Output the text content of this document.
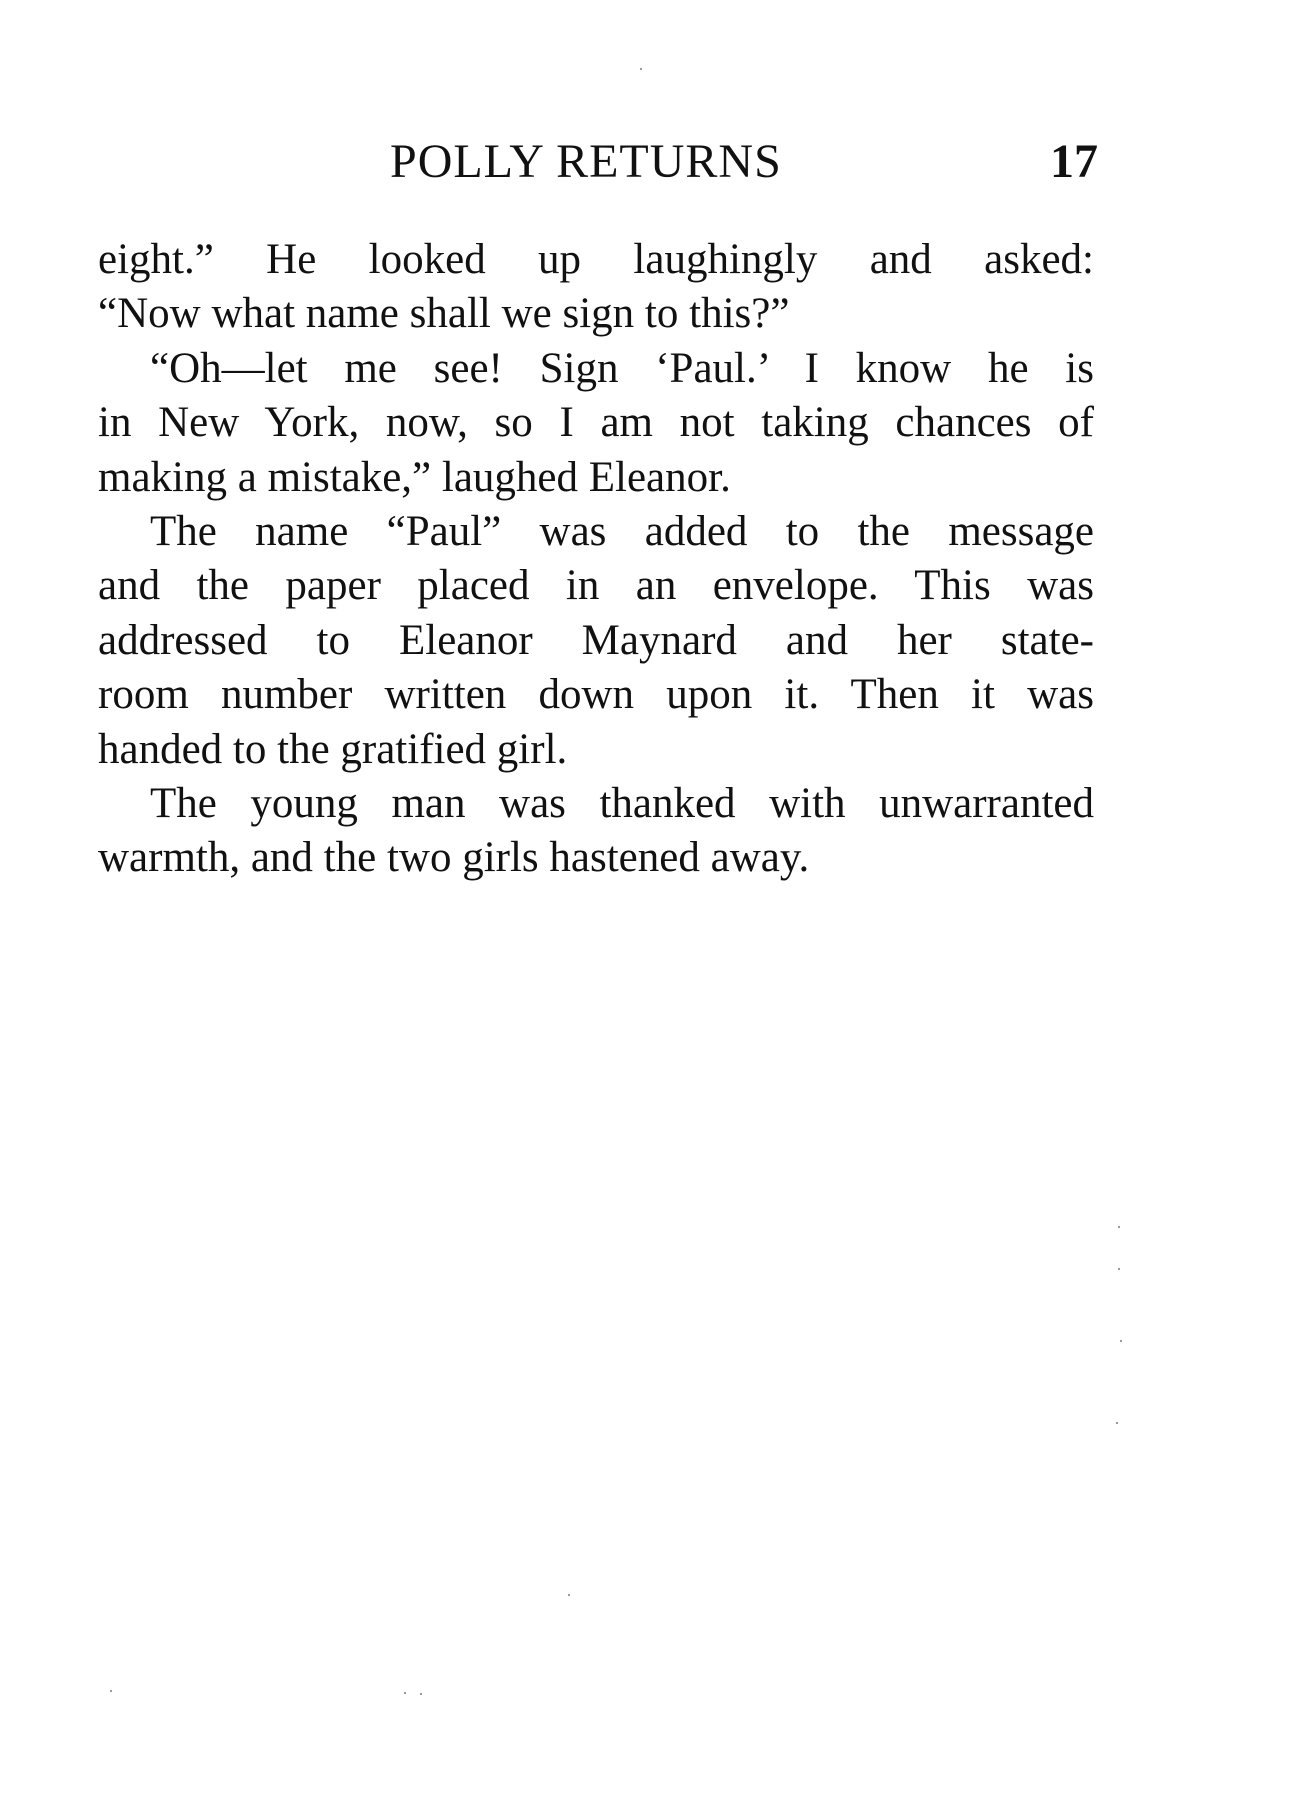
POLLY RETURNS	17
eight.” He looked up laughingly and asked:
“Now what name shall we sign to this?”
“Oh—let me see! Sign ‘Paul.’ I know he is
in New York, now, so I am not taking chances of
making a mistake,” laughed Eleanor.
The name “Paul” was added to the message
and the paper placed in an envelope. This was
addressed to Eleanor Maynard and her state-
room number written down upon it. Then it was
handed to the gratified girl.
The young man was thanked with unwarranted
warmth, and the two girls hastened away.
